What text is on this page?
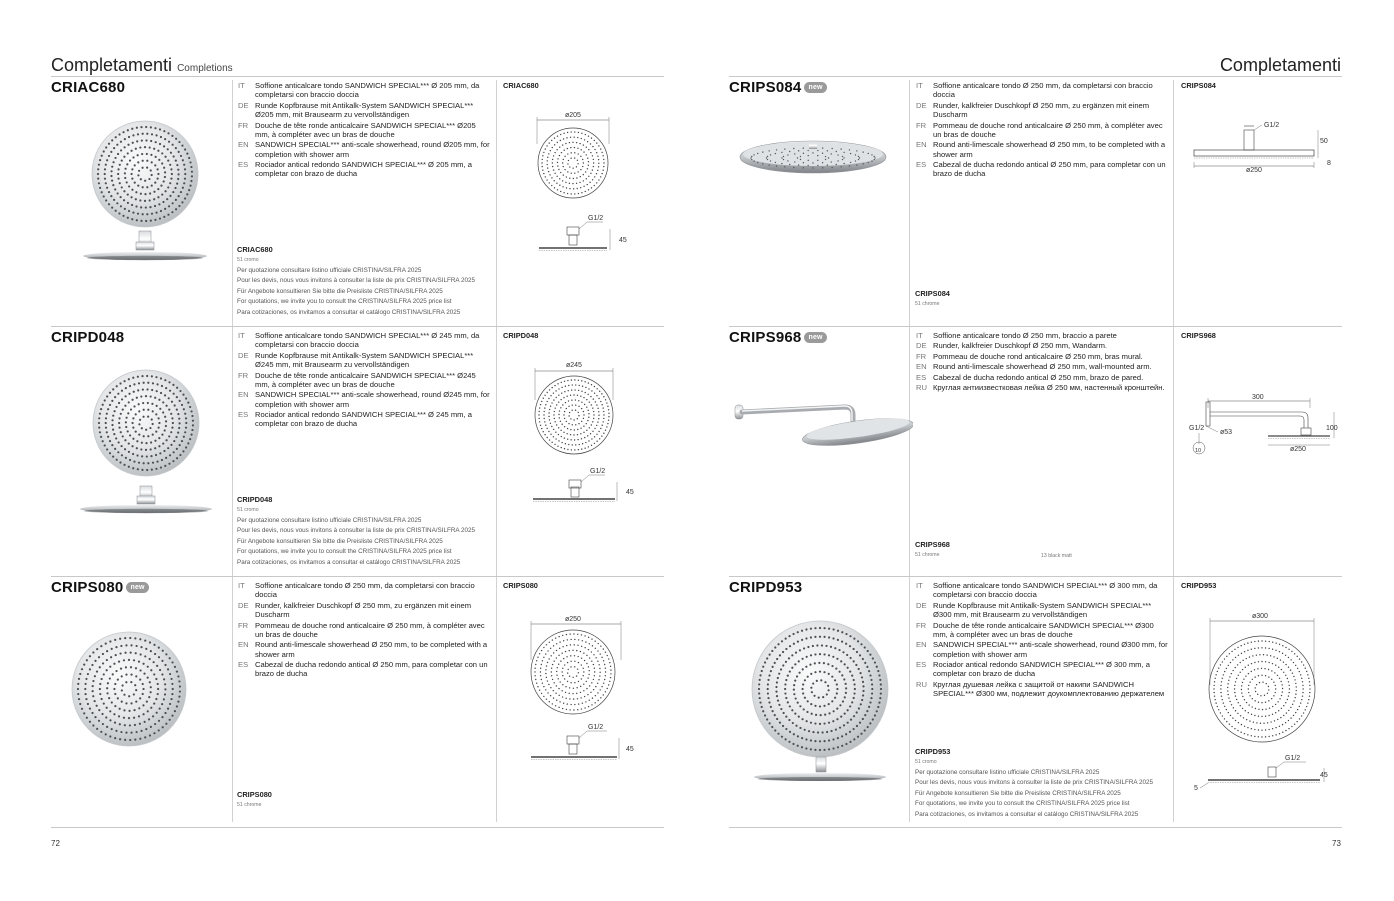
Completamenti Completions	Completamenti
CRIAC680	IT	Soffione anticalcare tondo SANDWICH SPECIAL*** Ø 205 mm, da completarsi con braccio doccia
DE Runde Kopfbrause mit Antikalk-System SANDWICH SPECIAL*** Ø205 mm, mit Brausearm zu vervollständigen
FR Douche de tête ronde anticalcaire SANDWICH SPECIAL*** Ø205 mm, à compléter avec un bras de douche
EN SANDWICH SPECIAL*** anti-scale showerhead, round Ø205 mm, for completion with shower arm
ES Rociador antical redondo SANDWICH SPECIAL*** Ø 205 mm, a completar con brazo de ducha
CRIAC680
51 cromo
Per quotazione consultare listino ufficiale CRISTINA/SILFRA 2025
Pour les devis, nous vous invitons à consulter la liste de prix CRISTINA/SILFRA 2025
Für Angebote konsultieren Sie bitte die Preisliste CRISTINA/SILFRA 2025
For quotations, we invite you to consult the CRISTINA/SILFRA 2025 price list
Para cotizaciones, os invitamos a consultar el catálogo CRISTINA/SILFRA 2025
CRIAC680
ø205
G1/2
45
CRIPD048	IT	Soffione anticalcare tondo SANDWICH SPECIAL*** Ø 245 mm, da completarsi con braccio doccia
DE Runde Kopfbrause mit Antikalk-System SANDWICH SPECIAL*** Ø245 mm, mit Brausearm zu vervollständigen
FR Douche de tête ronde anticalcaire SANDWICH SPECIAL*** Ø245 mm, à compléter avec un bras de douche
EN SANDWICH SPECIAL*** anti-scale showerhead, round Ø245 mm, for completion with shower arm
ES Rociador antical redondo SANDWICH SPECIAL*** Ø 245 mm, a completar con brazo de ducha
CRIPD048
51 cromo
Per quotazione consultare listino ufficiale CRISTINA/SILFRA 2025
Pour les devis, nous vous invitons à consulter la liste de prix CRISTINA/SILFRA 2025
Für Angebote konsultieren Sie bitte die Preisliste CRISTINA/SILFRA 2025
For quotations, we invite you to consult the CRISTINA/SILFRA 2025 price list
Para cotizaciones, os invitamos a consultar el catálogo CRISTINA/SILFRA 2025
CRIPD048
ø245
G1/2
45
CRIPS080	new	IT	Soffione anticalcare tondo Ø 250 mm, da completarsi con braccio doccia
DE Runder, kalkfreier Duschkopf Ø 250 mm, zu ergänzen mit einem Duscharm
FR Pommeau de douche rond anticalcaire Ø 250 mm, à compléter avec un bras de douche
EN Round anti-limescale showerhead Ø 250 mm, to be completed with a shower arm
ES Cabezal de ducha redondo antical Ø 250 mm, para completar con un brazo de ducha
CRIPS080
51 chrome
CRIPS080
ø250
G1/2
45
CRIPS084	new	IT	Soffione anticalcare tondo Ø 250 mm, da completarsi con braccio doccia
DE Runder, kalkfreier Duschkopf Ø 250 mm, zu ergänzen mit einem Duscharm
FR Pommeau de douche rond anticalcaire Ø 250 mm, à compléter avec un bras de douche
EN Round anti-limescale showerhead Ø 250 mm, to be completed with a shower arm
ES Cabezal de ducha redondo antical Ø 250 mm, para completar con un brazo de ducha
CRIPS084
51 chrome
CRIPS084
G1/2
50
8
ø250
CRIPS968	new	IT	Soffione anticalcare tondo Ø 250 mm, braccio a parete
DE Runder, kalkfreier Duschkopf Ø 250 mm, Wandarm.
FR Pommeau de douche rond anticalcaire Ø 250 mm, bras mural.
EN Round anti-limescale showerhead Ø 250 mm, wall-mounted arm.
ES Cabezal de ducha redondo antical Ø 250 mm, brazo de pared.
RU Круглая антиизвестковая лейка Ø 250 мм, настенный кронштейн.
CRIPS968
51 chrome	13 black matt
CRIPS968
300
ø250
100
ø53
G1/2
10
CRIPD953	IT	Soffione anticalcare tondo SANDWICH SPECIAL*** Ø 300 mm, da completarsi con braccio doccia
DE Runde Kopfbrause mit Antikalk-System SANDWICH SPECIAL*** Ø300 mm, mit Brausearm zu vervollständigen
FR Douche de tête ronde anticalcaire SANDWICH SPECIAL*** Ø300 mm, à compléter avec un bras de douche
EN SANDWICH SPECIAL*** anti-scale showerhead, round Ø300 mm, for completion with shower arm
ES Rociador antical redondo SANDWICH SPECIAL*** Ø 300 mm, a completar con brazo de ducha
RU Круглая душевая лейка с защитой от накипи SANDWICH SPECIAL*** Ø300 мм, подлежит доукомплектованию держателем
CRIPD953
51 cromo
Per quotazione consultare listino ufficiale CRISTINA/SILFRA 2025
Pour les devis, nous vous invitons à consulter la liste de prix CRISTINA/SILFRA 2025
Für Angebote konsultieren Sie bitte die Preisliste CRISTINA/SILFRA 2025
For quotations, we invite you to consult the CRISTINA/SILFRA 2025 price list
Para cotizaciones, os invitamos a consultar el catálogo CRISTINA/SILFRA 2025
CRIPD953
ø300
G1/2
45
5
72	73
